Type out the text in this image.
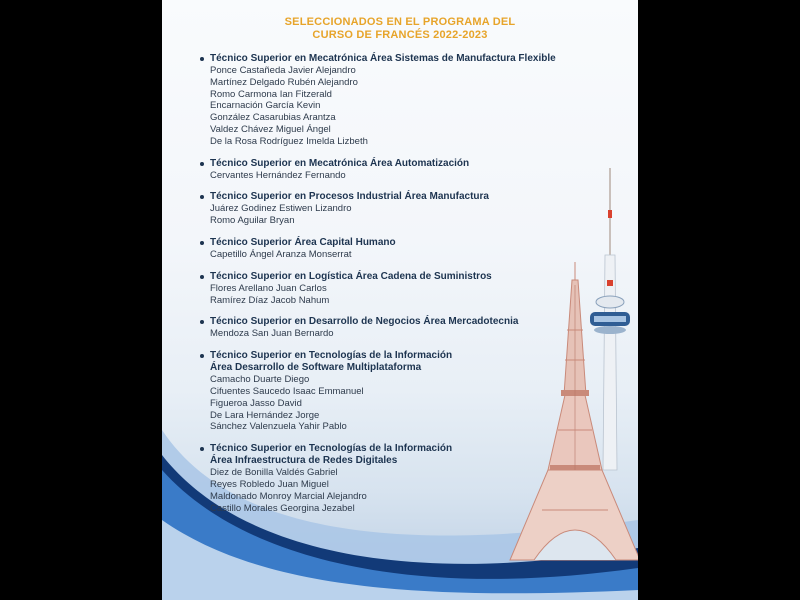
SELECCIONADOS EN EL PROGRAMA DEL
CURSO DE FRANCÉS 2022-2023
Técnico Superior en Mecatrónica Área Sistemas de Manufactura Flexible
Ponce Castañeda Javier Alejandro
Martínez Delgado Rubén Alejandro
Romo Carmona Ian Fitzerald
Encarnación García Kevin
González Casarubias Arantza
Valdez Chávez Miguel Ángel
De la Rosa Rodríguez Imelda Lizbeth
Técnico Superior en Mecatrónica Área Automatización
Cervantes Hernández Fernando
Técnico Superior en Procesos Industrial Área Manufactura
Juárez Godinez Estiwen Lizandro
Romo Aguilar Bryan
Técnico Superior Área Capital Humano
Capetillo Ángel Aranza Monserrat
Técnico Superior en Logística Área Cadena de Suministros
Flores Arellano Juan Carlos
Ramírez Díaz Jacob Nahum
Técnico Superior en Desarrollo de Negocios Área Mercadotecnia
Mendoza San Juan Bernardo
Técnico Superior en Tecnologías de la Información
Área Desarrollo de Software Multiplataforma
Camacho Duarte Diego
Cifuentes Saucedo Isaac Emmanuel
Figueroa Jasso David
De Lara Hernández Jorge
Sánchez Valenzuela Yahir Pablo
Técnico Superior en Tecnologías de la Información
Área Infraestructura de Redes Digitales
Diez de Bonilla Valdés Gabriel
Reyes Robledo Juan Miguel
Maldonado Monroy Marcial Alejandro
Castillo Morales Georgina Jezabel
